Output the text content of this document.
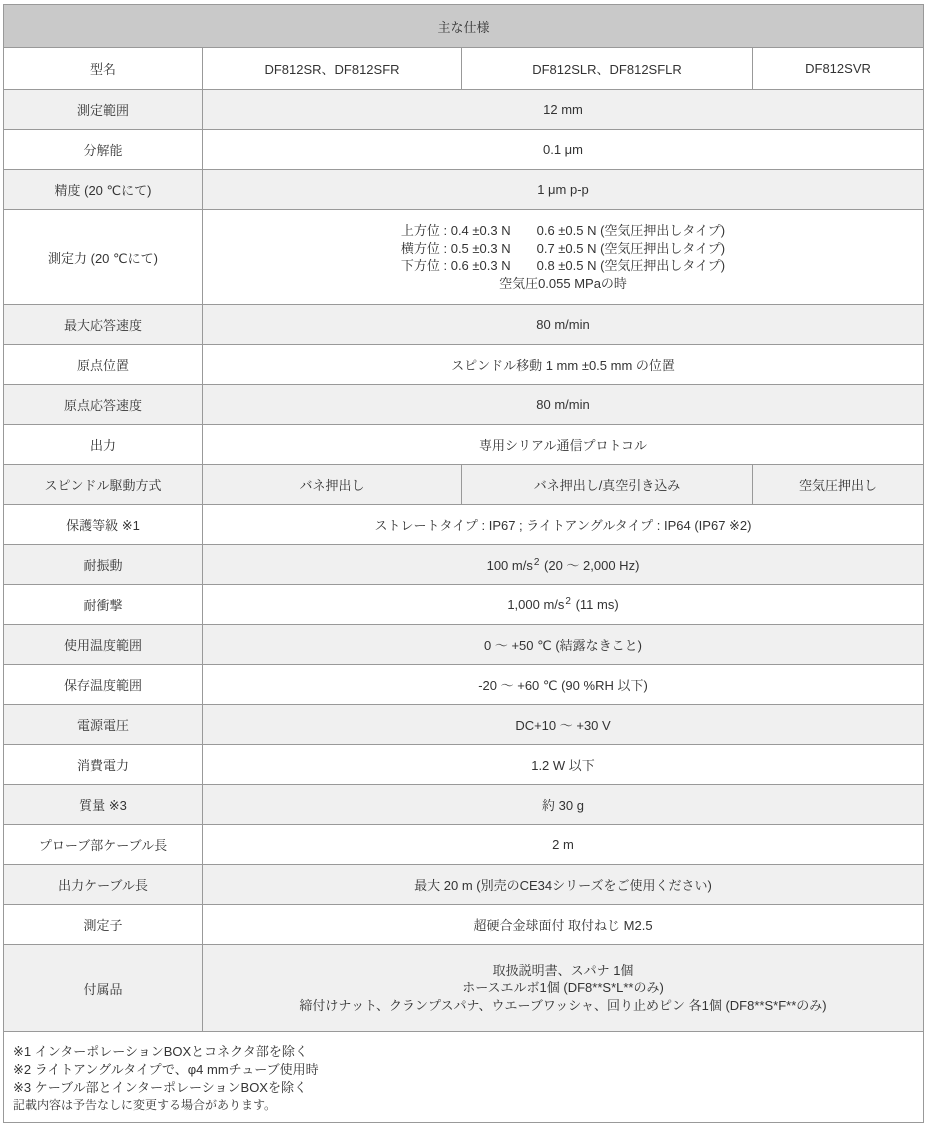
主な仕様			
型名	DF812SR、DF812SFR	DF812SLR、DF812SFLR	DF812SVR
測定範囲	12 mm		
分解能	0.1 μm		
精度 (20 ℃にて)	1 μm p-p		
測定力 (20 ℃にて)	上方位 : 0.4 ±0.3 N　　0.6 ±0.5 N (空気圧押出しタイプ)
横方位 : 0.5 ±0.3 N　　0.7 ±0.5 N (空気圧押出しタイプ)
下方位 : 0.6 ±0.3 N　　0.8 ±0.5 N (空気圧押出しタイプ)
空気圧0.055 MPaの時		

最大応答速度	80 m/min		
原点位置	スピンドル移動 1 mm ±0.5 mm の位置		
原点応答速度	80 m/min		
出力	専用シリアル通信プロトコル		
スピンドル駆動方式	バネ押出し	バネ押出し/真空引き込み	空気圧押出し
保護等級 ※1	ストレートタイプ : IP67 ; ライトアングルタイプ : IP64 (IP67 ※2)		
耐振動	100 $m/s^2$ (20 ～ 2,000 Hz)		
耐衝撃	1,000 $m/s^2$ (11 ms)		
使用温度範囲	0 ～ +50 ℃ (結露なきこと)		
保存温度範囲	-20 ～ +60 ℃ (90 %RH 以下)		
電源電圧	DC+10 ～ +30 V		
消費電力	1.2 W 以下		
質量 ※3	約 30 g		
プローブ部ケーブル長	2 m		
出力ケーブル長	最大 20 m (別売のCE34シリーズをご使用ください)		
測定子	超硬合金球面付 取付ねじ M2.5		
付属品	取扱説明書、スパナ 1個
ホースエルボ1個 (DF8**S*L**のみ)
締付けナット、クランプスパナ、ウエーブワッシャ、回り止めピン 各1個 (DF8**S*F**のみ)		

※1 インターポレーションBOXとコネクタ部を除く
※2 ライトアングルタイプで、φ4 mmチューブ使用時
※3 ケーブル部とインターポレーションBOXを除く
記載内容は予告なしに変更する場合があります。			
